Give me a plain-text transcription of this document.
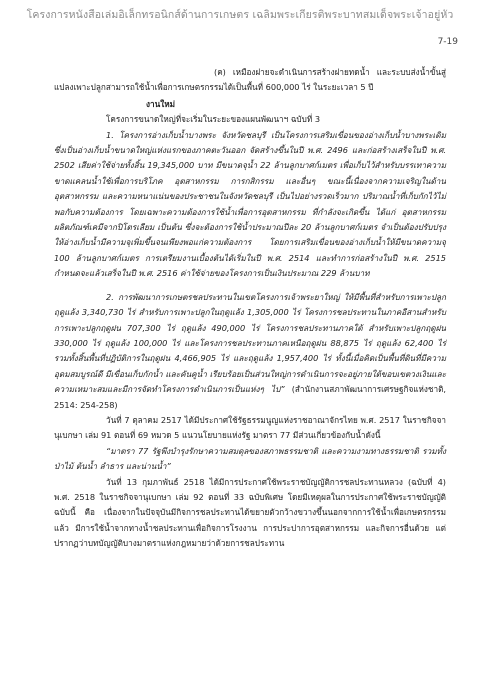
โครงการหนังสือเล่มอิเล็กทรอนิกส์ด้านการเกษตร เฉลิมพระเกียรติพระบาทสมเด็จพระเจ้าอยู่หัว
7-19

(ค) เหมืองฝายจะดำเนินการสร้างฝายทดน้ำ และระบบส่งน้ำขั้นสู่แปลงเพาะปลูกสามารถใช้น้ำเพื่อการเกษตรกรรมได้เป็นพื้นที่ 600,000 ไร่ ในระยะเวลา 5 ปี

งานใหม่

โครงการขนาดใหญ่ที่จะเริ่มในระยะของแผนพัฒนาฯ ฉบับที่ 3

1. โครงการอ่างเก็บน้ำบางพระ จังหวัดชลบุรี เป็นโครงการเสริมเขื่อนของอ่างเก็บน้ำบางพระเดิม ซึ่งเป็นอ่างเก็บน้ำขนาดใหญ่แห่งแรกของภาคตะวันออก จัดสร้างขึ้นในปี พ.ศ. 2496 และก่อสร้างเสร็จในปี พ.ศ. 2502 เสียค่าใช้จ่ายทั้งสิ้น 19,345,000 บาท มีขนาดจุน้ำ 22 ล้านลูกบาศก์เมตร เพื่อเก็บไว้สำหรับบรรเทาความขาดแคลนน้ำใช้เพื่อการบริโภค อุตสาหกรรม การกสิกรรม และอื่นๆ ขณะนี้เนื่องจากความเจริญในด้านอุตสาหกรรม และความหนาแน่นของประชาชนในจังหวัดชลบุรี เป็นไปอย่างรวดเร็วมาก ปริมาณน้ำที่เก็บกักไว้ไม่พอกับความต้องการ โดยเฉพาะความต้องการใช้น้ำเพื่อการอุตสาหกรรม ที่กำลังจะเกิดขึ้น ได้แก่ อุตสาหกรรมผลิตภัณฑ์เคมีจากปิโตรเลียม เป็นต้น ซึ่งจะต้องการใช้น้ำประมาณปีละ 20 ล้านลูกบาศก์เมตร จำเป็นต้องปรับปรุงให้อ่างเก็บน้ำมีความจุเพิ่มขึ้นจนเพียงพอแก่ความต้องการ โดยการเสริมเขื่อนของอ่างเก็บน้ำให้มีขนาดความจุ 100 ล้านลูกบาศก์เมตร การเตรียมงานเบื้องต้นได้เริ่มในปี พ.ศ. 2514 และทำการก่อสร้างในปี พ.ศ. 2515 กำหนดจะแล้วเสร็จในปี พ.ศ. 2516 ค่าใช้จ่ายของโครงการเป็นเงินประมาณ 229 ล้านบาท

2. การพัฒนาการเกษตรชลประทานในเขตโครงการเจ้าพระยาใหญ่ ให้มีพื้นที่สำหรับการเพาะปลูกฤดูแล้ง 3,340,730 ไร่ สำหรับการเพาะปลูกในฤดูแล้ง 1,305,000 ไร่ โครงการชลประทานในภาคอีสานสำหรับการเพาะปลูกฤดูฝน 707,300 ไร่ ฤดูแล้ง 490,000 ไร่ โครงการชลประทานภาคใต้ สำหรับเพาะปลูกฤดูฝน 330,000 ไร่ ฤดูแล้ง 100,000 ไร่ และโครงการชลประทานภาคเหนือฤดูฝน 88,875 ไร่ ฤดูแล้ง 62,400 ไร่ รวมทั้งสิ้นพื้นที่ปฏิบัติการในฤดูฝน 4,466,905 ไร่ และฤดูแล้ง 1,957,400 ไร่ ทั้งนี้เมื่อคิดเป็นพื้นที่ดินที่มีความอุดมสมบูรณ์ดี มีเขื่อนเก็บกักน้ำ และคันคูน้ำ เรียบร้อยเป็นส่วนใหญ่การดำเนินการจะอยู่ภายใต้ขอบเขตวงเงินและความเหมาะสมและมีการจัดทำโครงการดำเนินการเป็นแห่งๆ ไป” (สำนักงานสภาพัฒนาการเศรษฐกิจแห่งชาติ, 2514: 254-258)

วันที่ 7 ตุลาคม 2517 ได้มีประกาศใช้รัฐธรรมนูญแห่งราชอาณาจักรไทย พ.ศ. 2517 ในราชกิจจานุเบกษา เล่ม 91 ตอนที่ 69 หมวด 5 แนวนโยบายแห่งรัฐ มาตรา 77 มีส่วนเกี่ยวข้องกับน้ำดังนี้

“มาตรา 77 รัฐพึงบำรุงรักษาความสมดุลของสภาพธรรมชาติ และความงามทางธรรมชาติ รวมทั้งป่าไม้ ต้นน้ำ ลำธาร และน่านน้ำ”

วันที่ 13 กุมภาพันธ์ 2518 ได้มีการประกาศใช้พระราชบัญญัติการชลประทานหลวง (ฉบับที่ 4) พ.ศ. 2518 ในราชกิจจานุเบกษา เล่ม 92 ตอนที่ 33 ฉบับพิเศษ โดยมีเหตุผลในการประกาศใช้พระราชบัญญัติฉบับนี้ คือ เนื่องจากในปัจจุบันมีกิจการชลประทานได้ขยายตัวกว้างขวางขึ้นนอกจากการใช้น้ำเพื่อเกษตรกรรมแล้ว มีการใช้น้ำจากทางน้ำชลประทานเพื่อกิจการโรงงาน การประปาการอุตสาหกรรม และกิจการอื่นด้วย แต่ปรากฏว่าบทบัญญัติบางมาตราแห่งกฎหมายว่าด้วยการชลประทาน
